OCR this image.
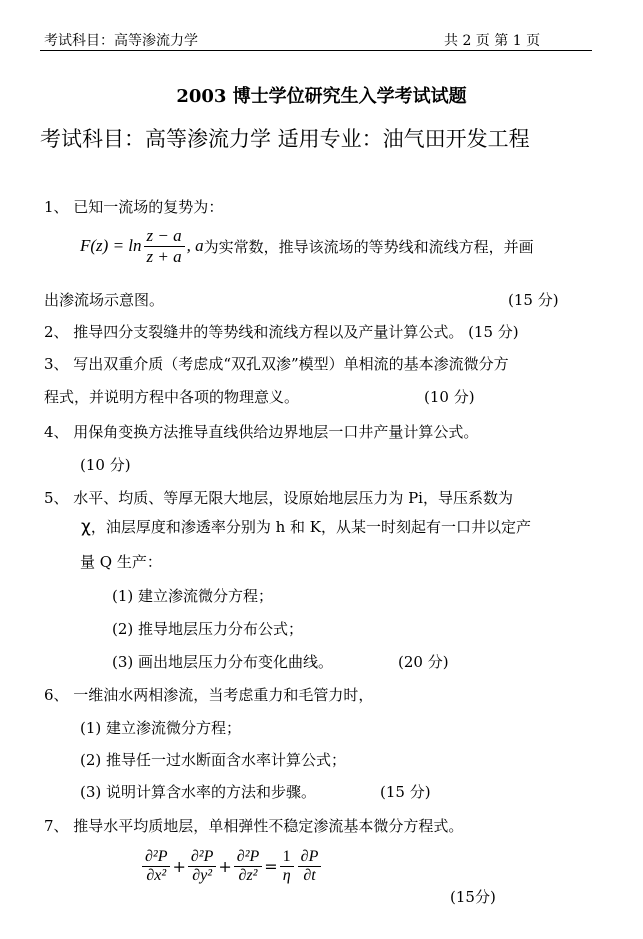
考试科目：高等渗流力学	共 2 页 第 1 页
2003 博士学位研究生入学考试试题
考试科目：高等渗流力学 适用专业：油气田开发工程
1、 已知一流场的复势为：
$F(z) = \ln \frac{z - a}{z + a}$ , a 为实常数，推导该流场的等势线和流线方程，并画
出渗流场示意图。	(15 分)
2、 推导四分支裂缝井的等势线和流线方程以及产量计算公式。 (15 分)
3、 写出双重介质（考虑成“双孔双渗”模型）单相流的基本渗流微分方
程式，并说明方程中各项的物理意义。	(10 分)
4、 用保角变换方法推导直线供给边界地层一口井产量计算公式。
(10 分)
5、 水平、均质、等厚无限大地层，设原始地层压力为 Pi，导压系数为
χ ，油层厚度和渗透率分别为 h 和 K，从某一时刻起有一口井以定产
量 Q 生产：
(1) 建立渗流微分方程；
(2) 推导地层压力分布公式；
(3) 画出地层压力分布变化曲线。	(20 分)
6、 一维油水两相渗流，当考虑重力和毛管力时，
(1) 建立渗流微分方程；
(2) 推导任一过水断面含水率计算公式；
(3) 说明计算含水率的方法和步骤。	(15 分)
7、 推导水平均质地层，单相弹性不稳定渗流基本微分方程式。
$\frac{\text{∂²P}}{\text{∂x²}} + \frac{\text{∂²P}}{\text{∂y²}} + \frac{\text{∂²P}}{\text{∂z²}} = \frac{1}{\eta} \frac{\partial P}{\partial t}$
(15分)
